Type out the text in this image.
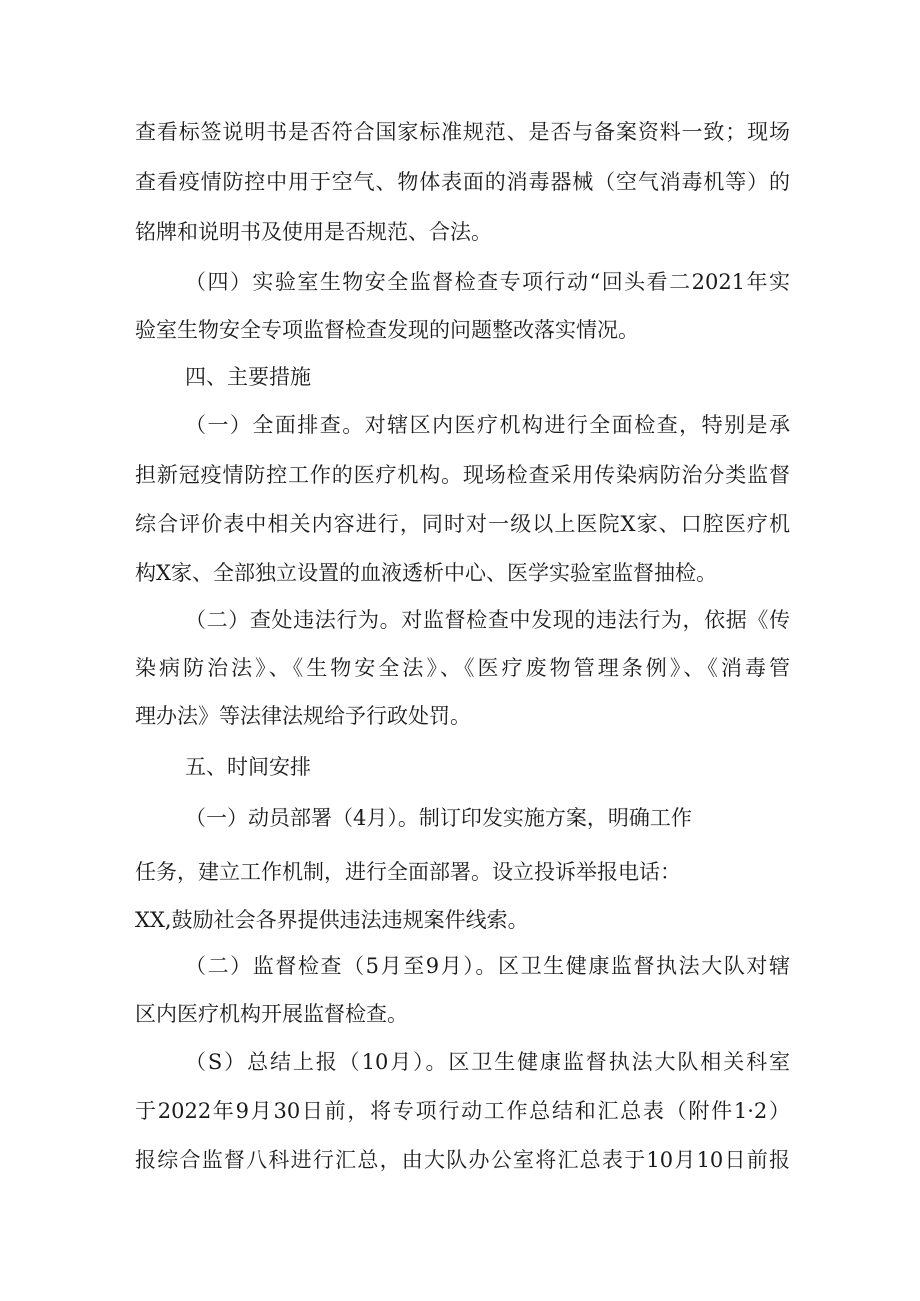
查看标签说明书是否符合国家标准规范、是否与备案资料一致；现场
查看疫情防控中用于空气、物体表面的消毒器械（空气消毒机等）的
铭牌和说明书及使用是否规范、合法。
（四）实验室生物安全监督检查专项行动“回头看二2021年实
验室生物安全专项监督检查发现的问题整改落实情况。
四、主要措施
（一）全面排查。对辖区内医疗机构进行全面检查，特别是承
担新冠疫情防控工作的医疗机构。现场检查采用传染病防治分类监督
综合评价表中相关内容进行，同时对一级以上医院X家、口腔医疗机
构X家、全部独立设置的血液透析中心、医学实验室监督抽检。
（二）查处违法行为。对监督检查中发现的违法行为，依据《传
染病防治法》、《生物安全法》、《医疗废物管理条例》、《消毒管
理办法》等法律法规给予行政处罚。
五、时间安排
（一）动员部署（4月）。制订印发实施方案，明确工作
任务，建立工作机制，进行全面部署。设立投诉举报电话：
XX,鼓励社会各界提供违法违规案件线索。
（二）监督检查（5月至9月）。区卫生健康监督执法大队对辖
区内医疗机构开展监督检查。
（S）总结上报（10月）。区卫生健康监督执法大队相关科室
于2022年9月30日前，将专项行动工作总结和汇总表（附件1·2）
报综合监督八科进行汇总，由大队办公室将汇总表于10月10日前报
